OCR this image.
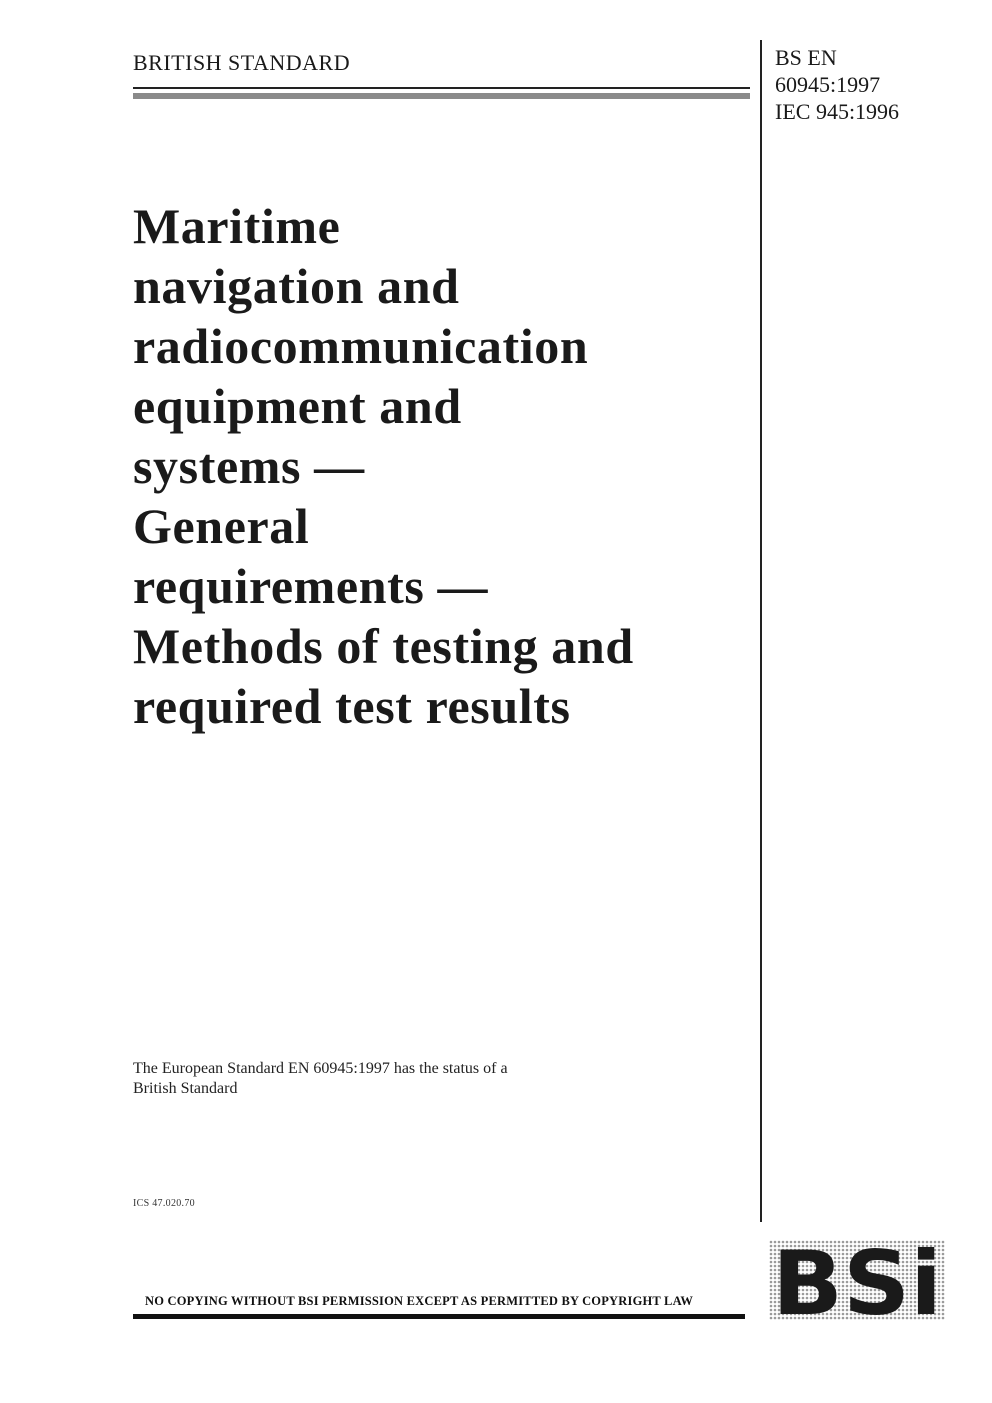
BRITISH STANDARD	BS EN
60945:1997
IEC 945:1996
Maritime
navigation and
radiocommunication
equipment and
systems —
General
requirements —
Methods of testing and
required test results
The European Standard EN 60945:1997 has the status of a
British Standard
ICS 47.020.70
NO COPYING WITHOUT BSI PERMISSION EXCEPT AS PERMITTED BY COPYRIGHT LAW BSi
